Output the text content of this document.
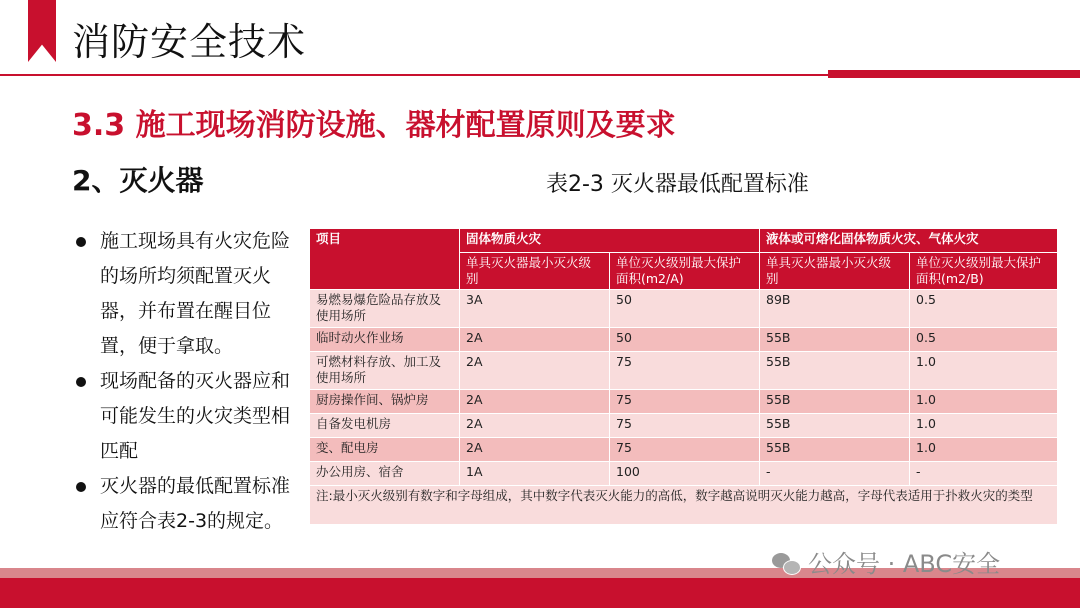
消防安全技术
3.3 施工现场消防设施、器材配置原则及要求
2、灭火器	表2-3 灭火器最低配置标准
施工现场具有火灾危险的场所均须配置灭火器，并布置在醒目位置，便于拿取。
现场配备的灭火器应和可能发生的火灾类型相匹配
灭火器的最低配置标准应符合表2-3的规定。
项目	固体物质火灾		液体或可熔化固体物质火灾、气体火灾	
	单具灭火器最小灭火级别	单位灭火级别最大保护面积(m2/A)	单具灭火器最小灭火级别	单位灭火级别最大保护面积(m2/B)
易燃易爆危险品存放及使用场所	3A	50	89B	0.5
临时动火作业场	2A	50	55B	0.5
可燃材料存放、加工及使用场所	2A	75	55B	1.0
厨房操作间、锅炉房	2A	75	55B	1.0
自备发电机房	2A	75	55B	1.0
变、配电房	2A	75	55B	1.0
办公用房、宿舍	1A	100	-	-
注:最小灭火级别有数字和字母组成，其中数字代表灭火能力的高低，数字越高说明灭火能力越高，字母代表适用于扑救火灾的类型				
公众号 · ABC安全
